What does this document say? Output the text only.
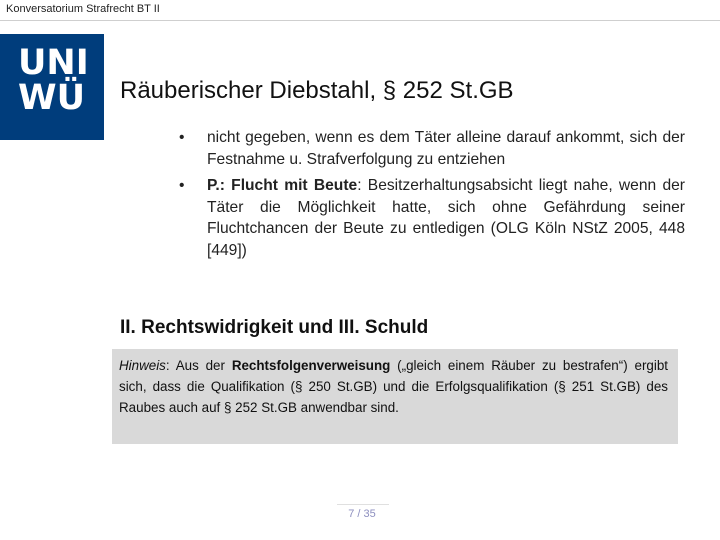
Konversatorium Strafrecht BT II
UNI
WÜ Räuberischer Diebstahl, § 252 St.GB
• nicht gegeben, wenn es dem Täter alleine darauf ankommt, sich der Festnahme u. Strafverfolgung zu entziehen
• P.: Flucht mit Beute: Besitzerhaltungsabsicht liegt nahe, wenn der Täter die Möglichkeit hatte, sich ohne Gefährdung seiner Fluchtchancen der Beute zu entledigen (OLG Köln NStZ 2005, 448 [449])
II. Rechtswidrigkeit und III. Schuld

Hinweis: Aus der Rechtsfolgenverweisung („gleich einem Räuber zu bestrafen“) ergibt sich, dass die Qualifikation (§ 250 St.GB) und die Erfolgsqualifikation (§ 251 St.GB) des Raubes auch auf § 252 St.GB anwendbar sind.

7 / 35
